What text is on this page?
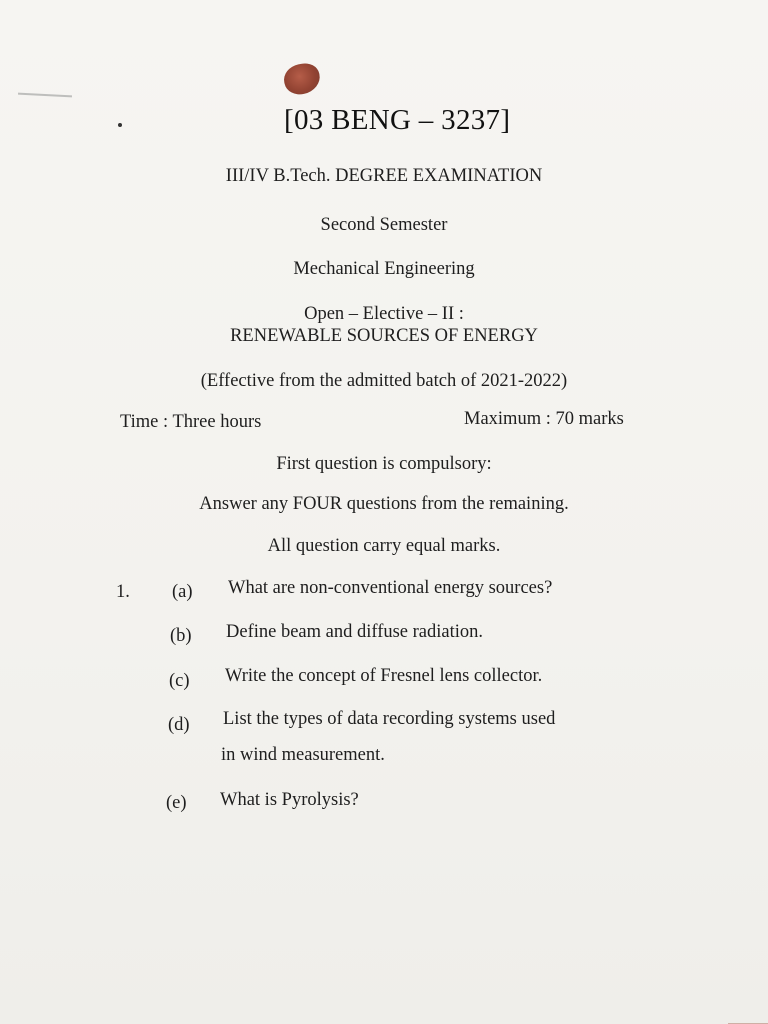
[03 BENG – 3237]
III/IV B.Tech. DEGREE EXAMINATION
Second Semester
Mechanical Engineering
Open – Elective – II :
RENEWABLE SOURCES OF ENERGY
(Effective from the admitted batch of 2021-2022)
Time : Three hours	Maximum : 70 marks
First question is compulsory:
Answer any FOUR questions from the remaining.
All question carry equal marks.
1. (a) What are non-conventional energy sources?
(b) Define beam and diffuse radiation.
(c) Write the concept of Fresnel lens collector.
(d) List the types of data recording systems used
in wind measurement.
(e) What is Pyrolysis?
